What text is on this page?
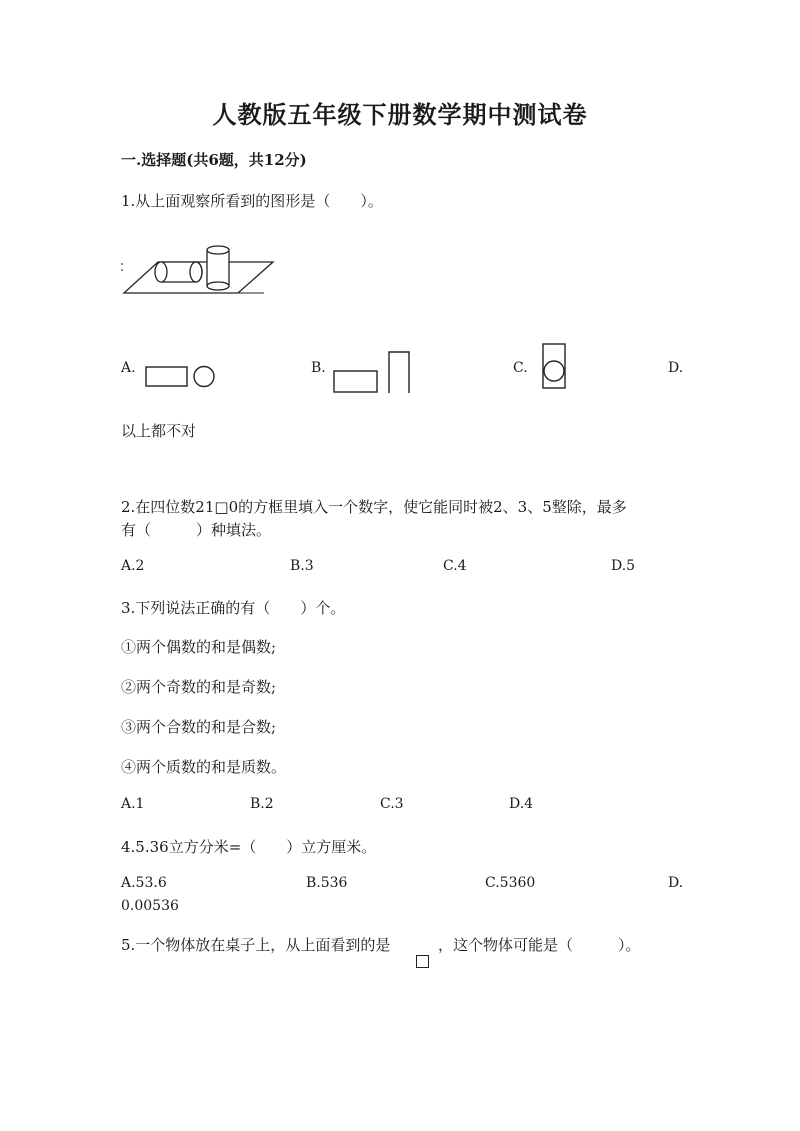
人教版五年级下册数学期中测试卷
一.选择题(共6题，共12分)
1.从上面观察所看到的图形是（　　）。
A.	B.	C.	D.
以上都不对
2.在四位数21□0的方框里填入一个数字，使它能同时被2、3、5整除，最多
有（　　　）种填法。
A.2	B.3	C.4	D.5
3.下列说法正确的有（　　）个。
①两个偶数的和是偶数;
②两个奇数的和是奇数;
③两个合数的和是合数;
④两个质数的和是质数。
A.1	B.2	C.3	D.4
4.5.36立方分米=（　　）立方厘米。
A.53.6	B.536	C.5360	D.
0.00536
5.一个物体放在桌子上，从上面看到的是	，这个物体可能是（　　　）。
